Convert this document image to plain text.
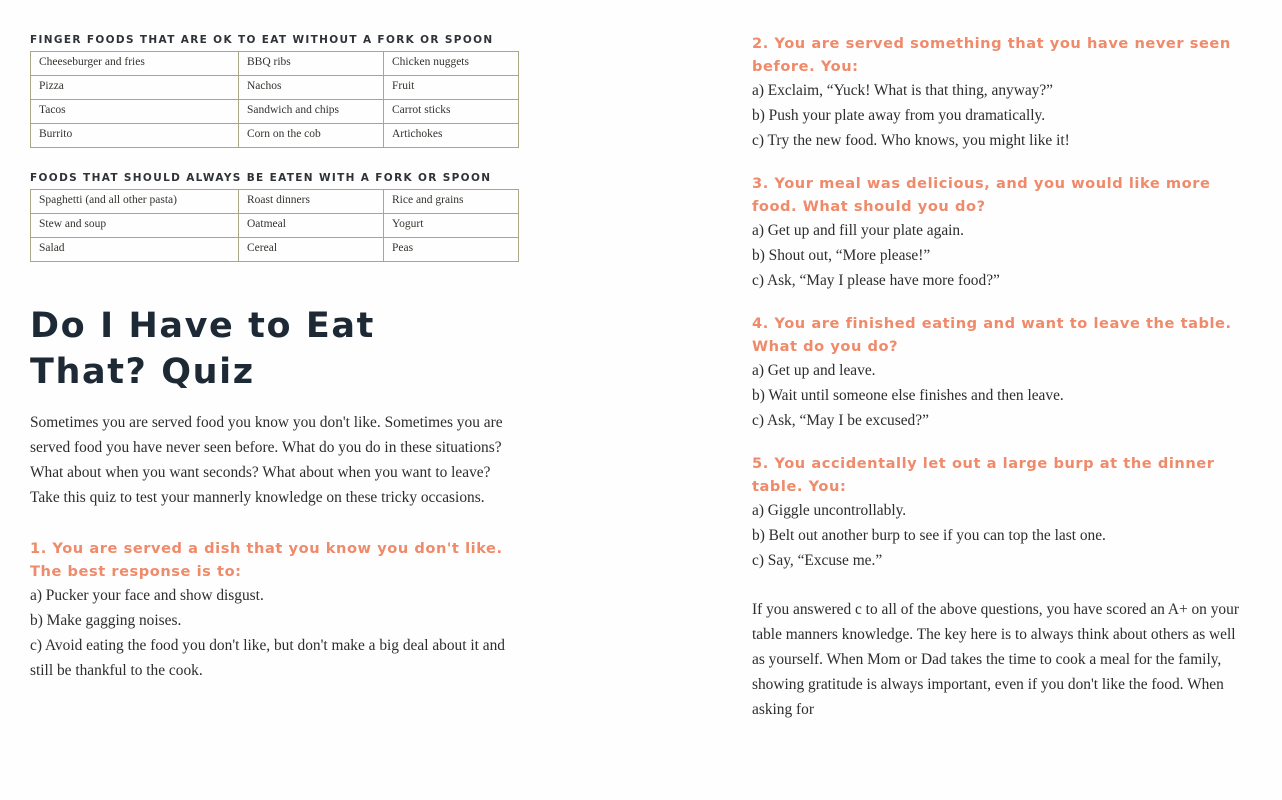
FINGER FOODS THAT ARE OK TO EAT WITHOUT A FORK OR SPOON
Cheeseburger and fries	BBQ ribs	Chicken nuggets
Pizza	Nachos	Fruit
Tacos	Sandwich and chips	Carrot sticks
Burrito	Corn on the cob	Artichokes
FOODS THAT SHOULD ALWAYS BE EATEN WITH A FORK OR SPOON
Spaghetti (and all other pasta)	Roast dinners	Rice and grains
Stew and soup	Oatmeal	Yogurt
Salad	Cereal	Peas
Do I Have to Eat That? Quiz

Sometimes you are served food you know you don't like. Sometimes you are served food you have never seen before. What do you do in these situations? What about when you want seconds? What about when you want to leave? Take this quiz to test your mannerly knowledge on these tricky occasions.

1. You are served a dish that you know you don't like. The best response is to:
a) Pucker your face and show disgust.
b) Make gagging noises.
c) Avoid eating the food you don't like, but don't make a big deal about it and still be thankful to the cook.
2. You are served something that you have never seen before. You:
a) Exclaim, “Yuck! What is that thing, anyway?”
b) Push your plate away from you dramatically.
c) Try the new food. Who knows, you might like it!
3. Your meal was delicious, and you would like more food. What should you do?
a) Get up and fill your plate again.
b) Shout out, “More please!”
c) Ask, “May I please have more food?”
4. You are finished eating and want to leave the table. What do you do?
a) Get up and leave.
b) Wait until someone else finishes and then leave.
c) Ask, “May I be excused?”
5. You accidentally let out a large burp at the dinner table. You:
a) Giggle uncontrollably.
b) Belt out another burp to see if you can top the last one.
c) Say, “Excuse me.”

If you answered c to all of the above questions, you have scored an A+ on your table manners knowledge. The key here is to always think about others as well as yourself. When Mom or Dad takes the time to cook a meal for the family, showing gratitude is always important, even if you don't like the food. When asking for
